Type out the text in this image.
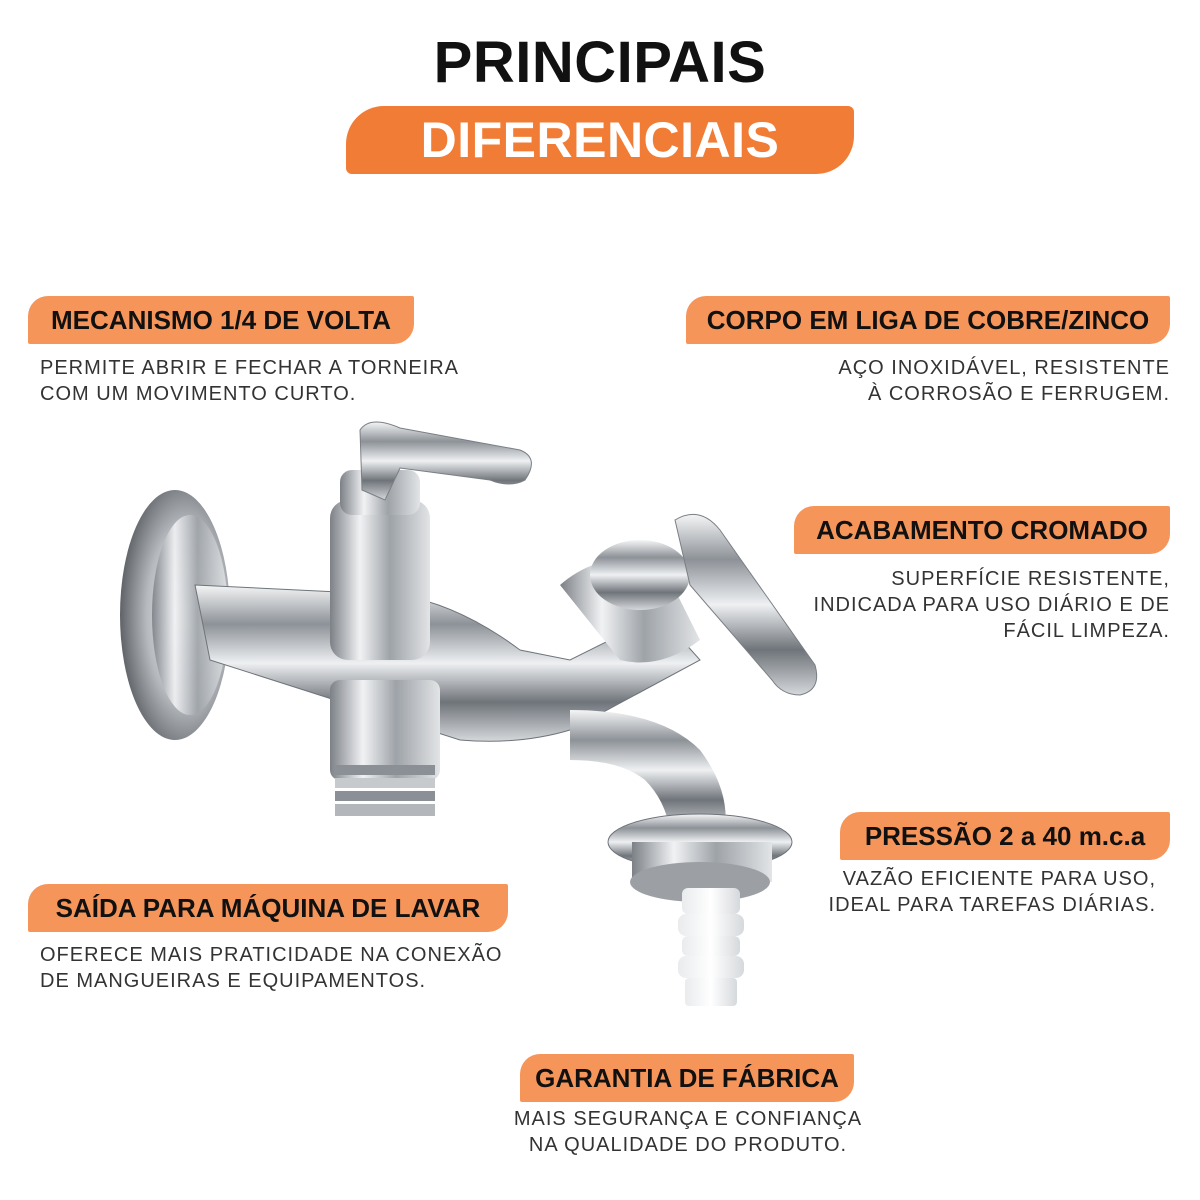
PRINCIPAIS
DIFERENCIAIS
MECANISMO 1/4 DE VOLTA
PERMITE ABRIR E FECHAR A TORNEIRA
COM UM MOVIMENTO CURTO.
SAÍDA PARA MÁQUINA DE LAVAR
OFERECE MAIS PRATICIDADE NA CONEXÃO
DE MANGUEIRAS E EQUIPAMENTOS.
CORPO EM LIGA DE COBRE/ZINCO
AÇO INOXIDÁVEL, RESISTENTE
À CORROSÃO E FERRUGEM.
ACABAMENTO CROMADO
SUPERFÍCIE RESISTENTE,
INDICADA PARA USO DIÁRIO E DE
FÁCIL LIMPEZA.
PRESSÃO 2 a 40 m.c.a
VAZÃO EFICIENTE PARA USO,
IDEAL PARA TAREFAS DIÁRIAS.
GARANTIA DE FÁBRICA
MAIS SEGURANÇA E CONFIANÇA
NA QUALIDADE DO PRODUTO.
